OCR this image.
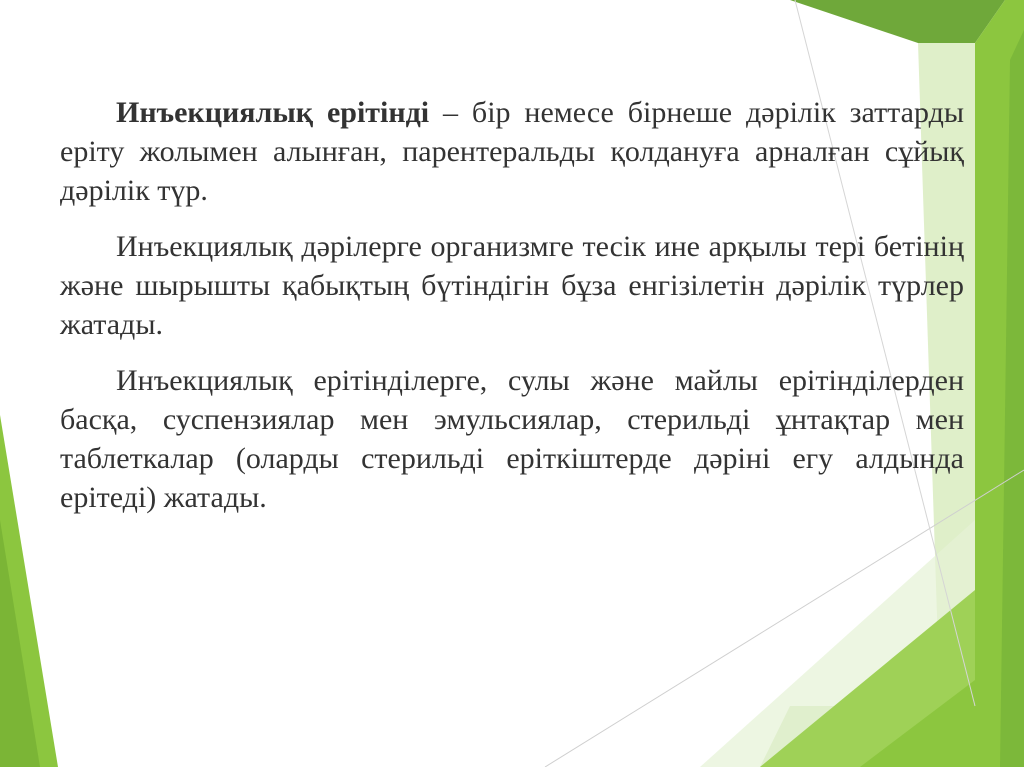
Инъекциялық ерітінді – бір немесе бірнеше дәрілік заттарды еріту жолымен алынған, парентеральды қолдануға арналған сұйық дәрілік түр.

Инъекциялық дәрілерге организмге тесік ине арқылы тері бетінің және шырышты қабықтың бүтіндігін бұза енгізілетін дәрілік түрлер жатады.

Инъекциялық ерітінділерге, сулы және майлы ерітінділерден басқа, суспензиялар мен эмульсиялар, стерильді ұнтақтар мен таблеткалар (оларды стерильді еріткіштерде дәріні егу алдында ерітеді) жатады.
